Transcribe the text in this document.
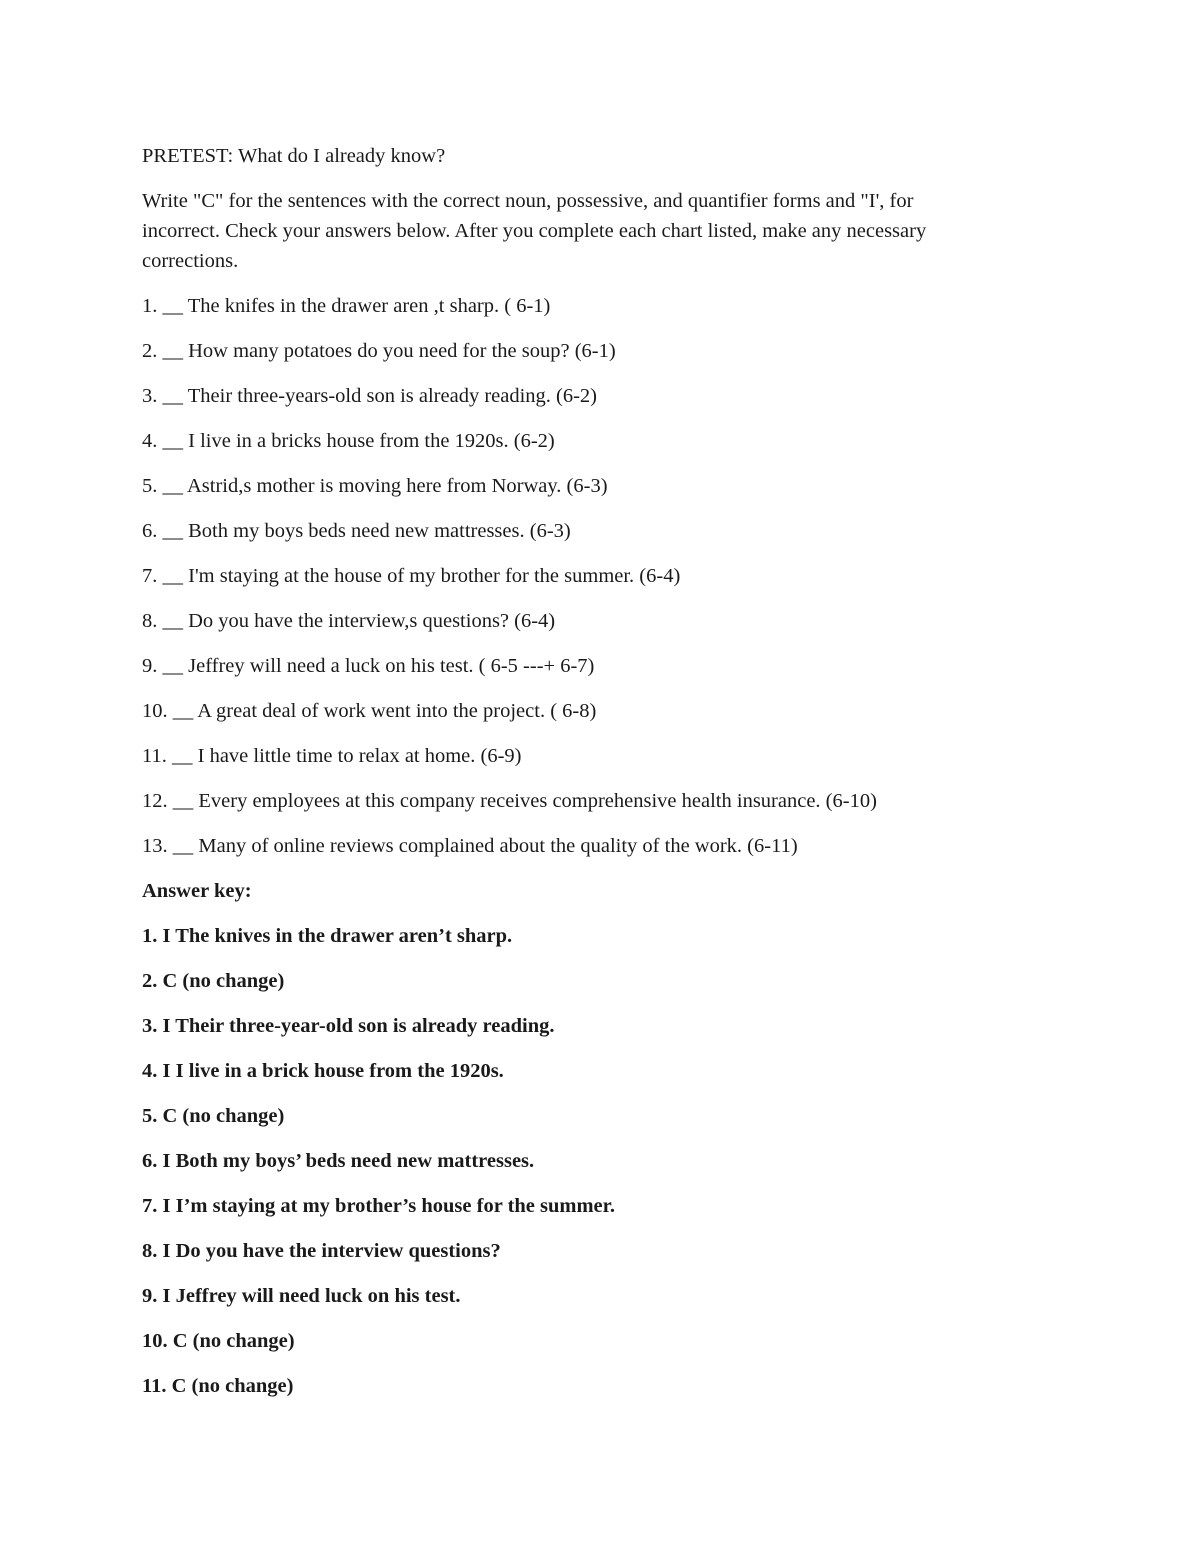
PRETEST: What do I already know?
Write "C" for the sentences with the correct noun, possessive, and quantifier forms and "I', for
incorrect. Check your answers below. After you complete each chart listed, make any necessary
corrections.
1. __ The knifes in the drawer aren ,t sharp. ( 6-1)
2. __ How many potatoes do you need for the soup? (6-1)
3. __ Their three-years-old son is already reading. (6-2)
4. __ I live in a bricks house from the 1920s. (6-2)
5. __ Astrid,s mother is moving here from Norway. (6-3)
6. __ Both my boys beds need new mattresses. (6-3)
7. __ I'm staying at the house of my brother for the summer. (6-4)
8. __ Do you have the interview,s questions? (6-4)
9. __ Jeffrey will need a luck on his test. ( 6-5 ---+ 6-7)
10. __ A great deal of work went into the project. ( 6-8)
11. __ I have little time to relax at home. (6-9)
12. __ Every employees at this company receives comprehensive health insurance. (6-10)
13. __ Many of online reviews complained about the quality of the work. (6-11)
Answer key:
1. I The knives in the drawer aren’t sharp.
2. C (no change)
3. I Their three-year-old son is already reading.
4. I I live in a brick house from the 1920s.
5. C (no change)
6. I Both my boys’ beds need new mattresses.
7. I I’m staying at my brother’s house for the summer.
8. I Do you have the interview questions?
9. I Jeffrey will need luck on his test.
10. C (no change)
11. C (no change)
